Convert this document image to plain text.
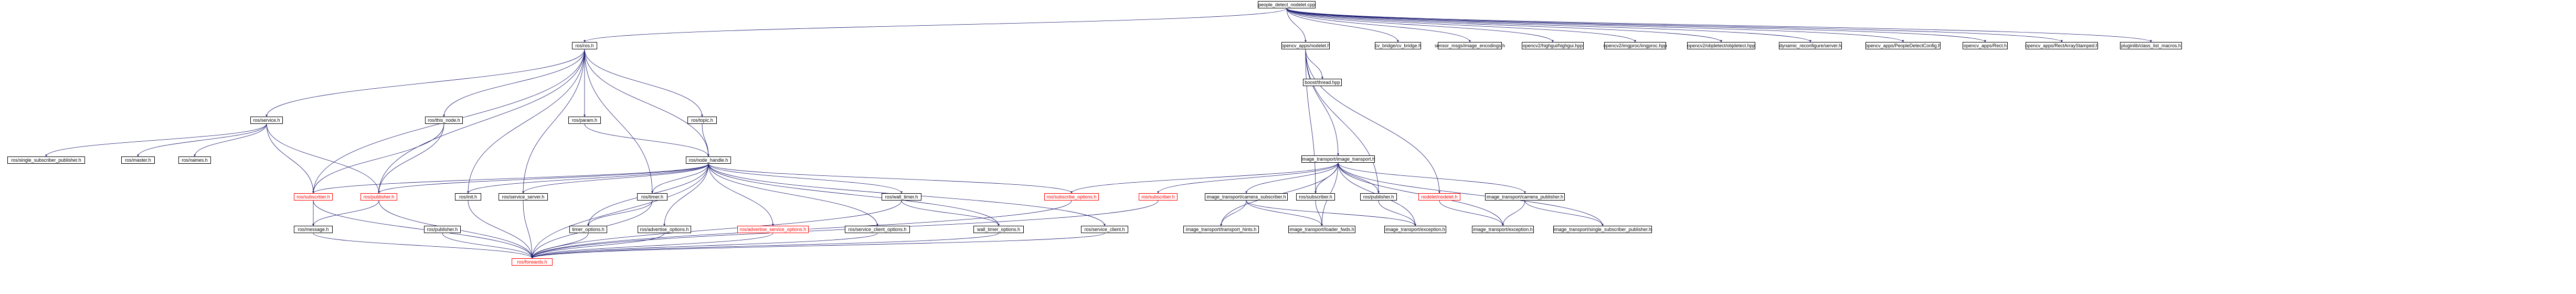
people_detect_nodelet.cpp
ros/ros.h	opencv_apps/nodelet.h	cv_bridge/cv_bridge.h	sensor_msgs/image_encodings.h	opencv2/highgui/highgui.hpp	opencv2/imgproc/imgproc.hpp	opencv2/objdetect/objdetect.hpp	dynamic_reconfigure/server.h	opencv_apps/PeopleDetectConfig.h	opencv_apps/Rect.h	opencv_apps/RectArrayStamped.h	pluginlib/class_list_macros.h
boost/thread.hpp
image_transport/image_transport.h
ros/service.h	ros/this_node.h	ros/param.h	ros/topic.h
ros/single_subscriber_publisher.h	ros/master.h	ros/names.h	ros/node_handle.h
ros/subscriber.h	ros/publisher.h	ros/init.h	ros/service_server.h	ros/timer.h	ros/wall_timer.h	ros/subscribe_options.h	ros/subscriber.h	image_transport/camera_subscriber.h	ros/subscriber.h	ros/publisher.h	nodelet/nodelet.h	image_transport/camera_publisher.h
ros/message.h	ros/publisher.h	timer_options.h	ros/advertise_options.h	ros/advertise_service_options.h	ros/service_client_options.h	wall_timer_options.h	ros/service_client.h	image_transport/transport_hints.h	image_transport/loader_fwds.h	image_transport/exception.h	image_transport/exception.h	image_transport/single_subscriber_publisher.h
ros/forwards.h
